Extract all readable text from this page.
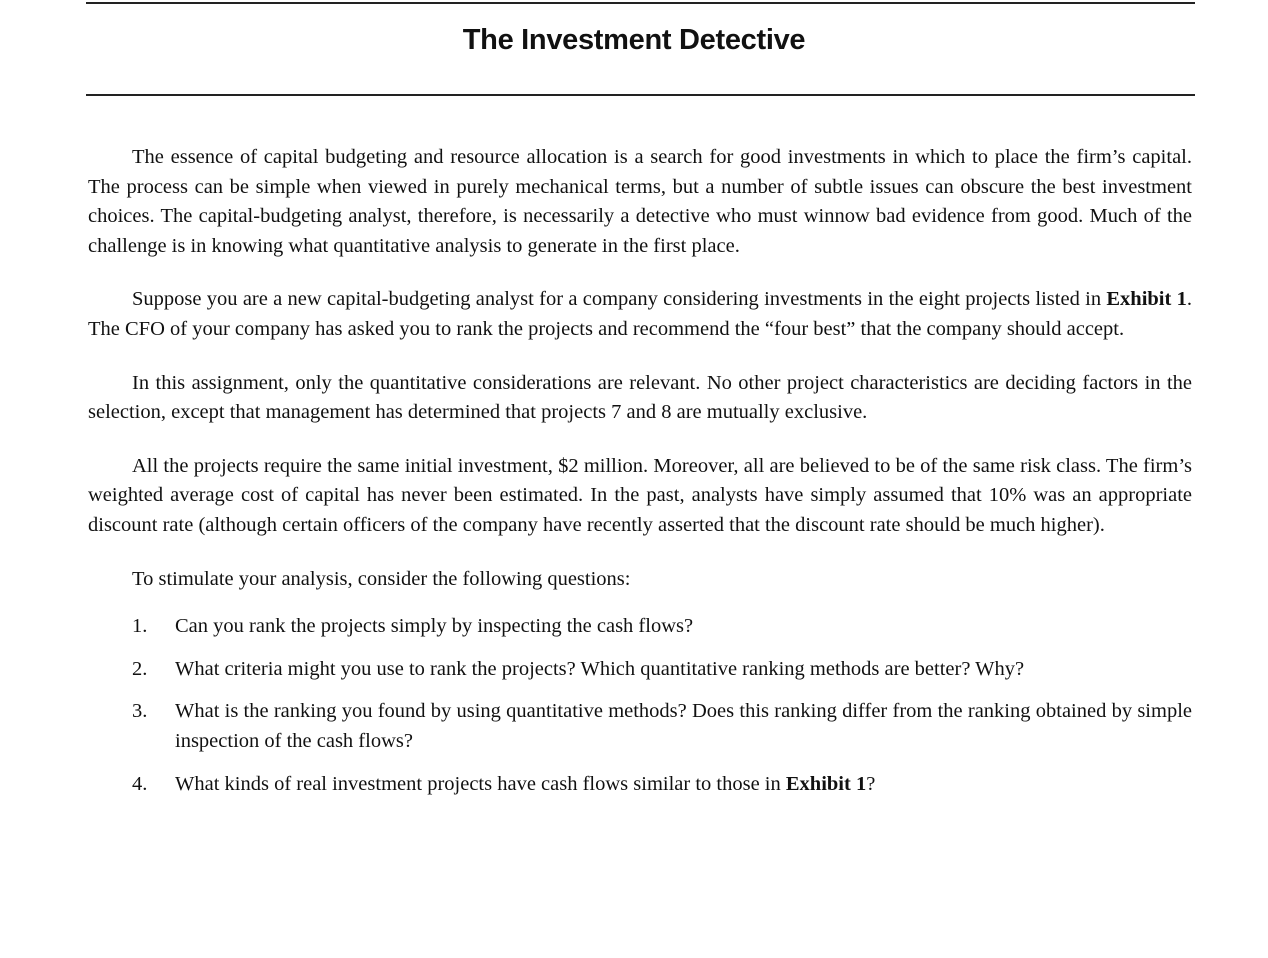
The Investment Detective

The essence of capital budgeting and resource allocation is a search for good investments in which to place the firm’s capital. The process can be simple when viewed in purely mechanical terms, but a number of subtle issues can obscure the best investment choices. The capital-budgeting analyst, therefore, is necessarily a detective who must winnow bad evidence from good. Much of the challenge is in knowing what quantitative analysis to generate in the first place.

Suppose you are a new capital-budgeting analyst for a company considering investments in the eight projects listed in Exhibit 1. The CFO of your company has asked you to rank the projects and recommend the “four best” that the company should accept.

In this assignment, only the quantitative considerations are relevant. No other project characteristics are deciding factors in the selection, except that management has determined that projects 7 and 8 are mutually exclusive.

All the projects require the same initial investment, $2 million. Moreover, all are believed to be of the same risk class. The firm’s weighted average cost of capital has never been estimated. In the past, analysts have simply assumed that 10% was an appropriate discount rate (although certain officers of the company have recently asserted that the discount rate should be much higher).

To stimulate your analysis, consider the following questions:

1. Can you rank the projects simply by inspecting the cash flows?
2. What criteria might you use to rank the projects? Which quantitative ranking methods are better? Why?
3. What is the ranking you found by using quantitative methods? Does this ranking differ from the ranking obtained by simple inspection of the cash flows?
4. What kinds of real investment projects have cash flows similar to those in Exhibit 1?
